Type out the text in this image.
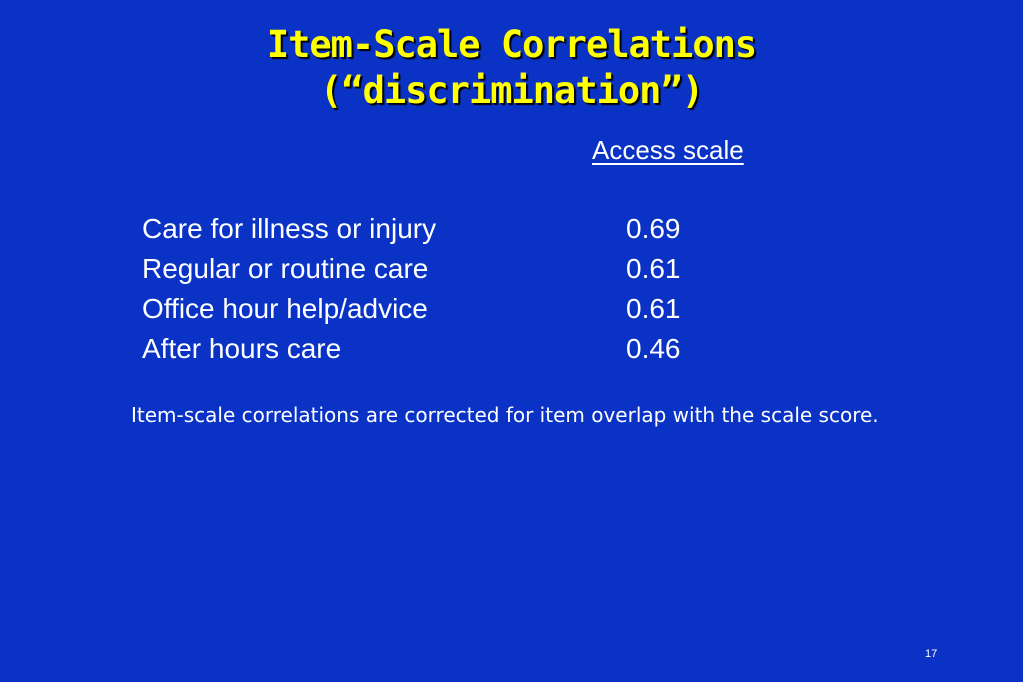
Item-Scale Correlations
(“discrimination”)
Access scale
Care for illness or injury	0.69
Regular or routine care	0.61
Office hour help/advice	0.61
After hours care	0.46
Item-scale correlations are corrected for item overlap with the scale score.
17
